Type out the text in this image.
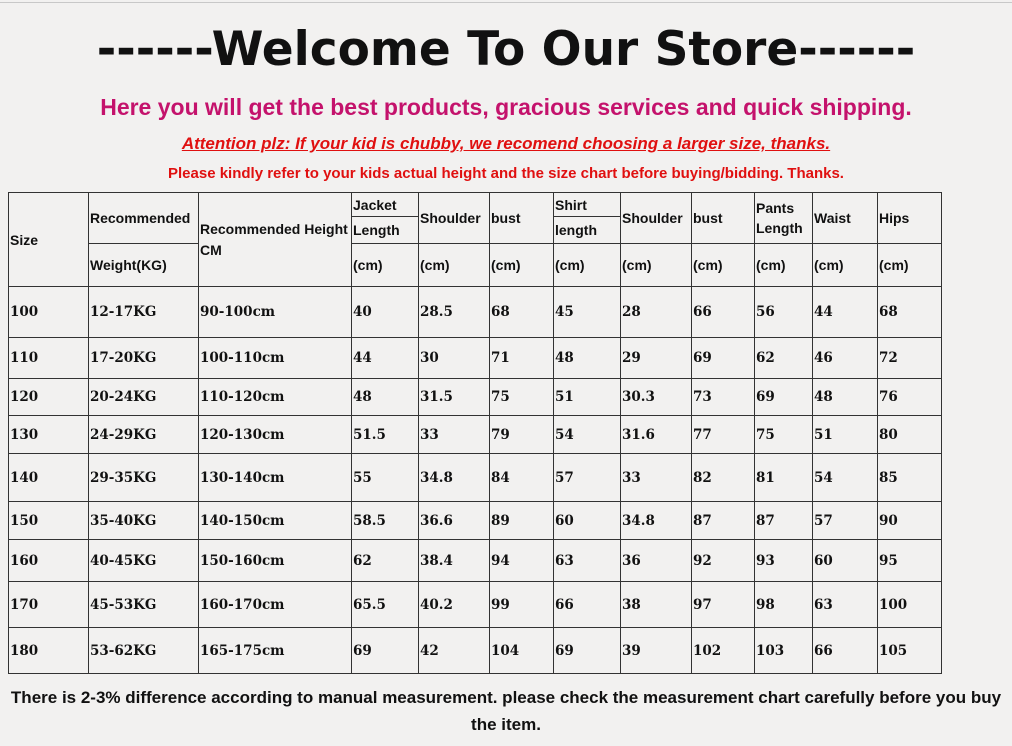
------Welcome To Our Store------
Here you will get the best products, gracious services and quick shipping.
Attention plz: If your kid is chubby, we recomend choosing a larger size, thanks.
Please kindly refer to your kids actual height and the size chart before buying/bidding. Thanks.
Size	Recommended	Recommended Height CM	Jacket	Shoulder	bust	Shirt	Shoulder	bust	Pants Length	Waist	Hips
			Length			length					
	Weight(KG)		(cm)	(cm)	(cm)	(cm)	(cm)	(cm)	(cm)	(cm)	(cm)
100	12-17KG	90-100cm	40	28.5	68	45	28	66	56	44	68
110	17-20KG	100-110cm	44	30	71	48	29	69	62	46	72
120	20-24KG	110-120cm	48	31.5	75	51	30.3	73	69	48	76
130	24-29KG	120-130cm	51.5	33	79	54	31.6	77	75	51	80
140	29-35KG	130-140cm	55	34.8	84	57	33	82	81	54	85
150	35-40KG	140-150cm	58.5	36.6	89	60	34.8	87	87	57	90
160	40-45KG	150-160cm	62	38.4	94	63	36	92	93	60	95
170	45-53KG	160-170cm	65.5	40.2	99	66	38	97	98	63	100
180	53-62KG	165-175cm	69	42	104	69	39	102	103	66	105
There is 2-3% difference according to manual measurement. please check the measurement chart carefully before you buy the item.
